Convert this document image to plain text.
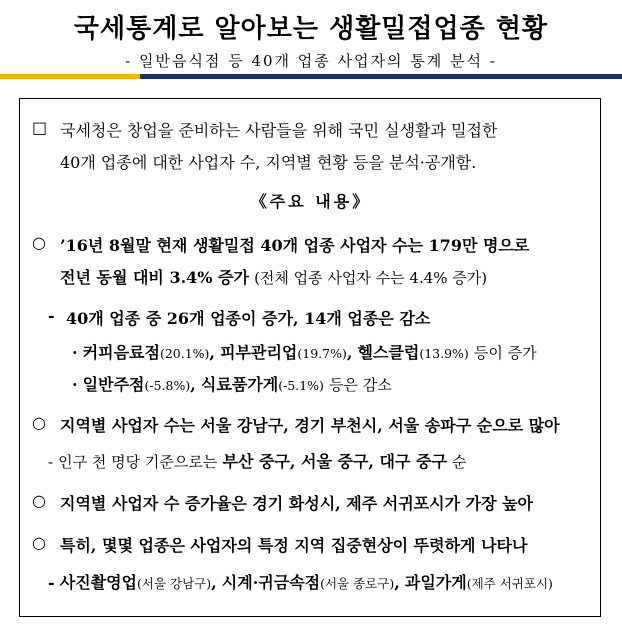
국세통계로 알아보는 생활밀접업종 현황
- 일반음식점 등 40개 업종 사업자의 통계 분석 -
□ 국세청은 창업을 준비하는 사람들을 위해 국민 실생활과 밀접한
40개 업종에 대한 사업자 수, 지역별 현황 등을 분석·공개함.
《주요 내용》
○ ’16년 8월말 현재 생활밀접 40개 업종 사업자 수는 179만 명으로
전년 동월 대비 3.4% 증가 (전체 업종 사업자 수는 4.4% 증가)
- 40개 업종 중 26개 업종이 증가, 14개 업종은 감소
· 커피음료점(20.1%), 피부관리업(19.7%), 헬스클럽(13.9%) 등이 증가
· 일반주점(-5.8%), 식료품가게(-5.1%) 등은 감소
○ 지역별 사업자 수는 서울 강남구, 경기 부천시, 서울 송파구 순으로 많아
- 인구 천 명당 기준으로는 부산 중구, 서울 중구, 대구 중구 순
○ 지역별 사업자 수 증가율은 경기 화성시, 제주 서귀포시가 가장 높아
○ 특히, 몇몇 업종은 사업자의 특정 지역 집중현상이 뚜렷하게 나타나
- 사진촬영업(서울 강남구), 시계·귀금속점(서울 종로구), 과일가게(제주 서귀포시)
